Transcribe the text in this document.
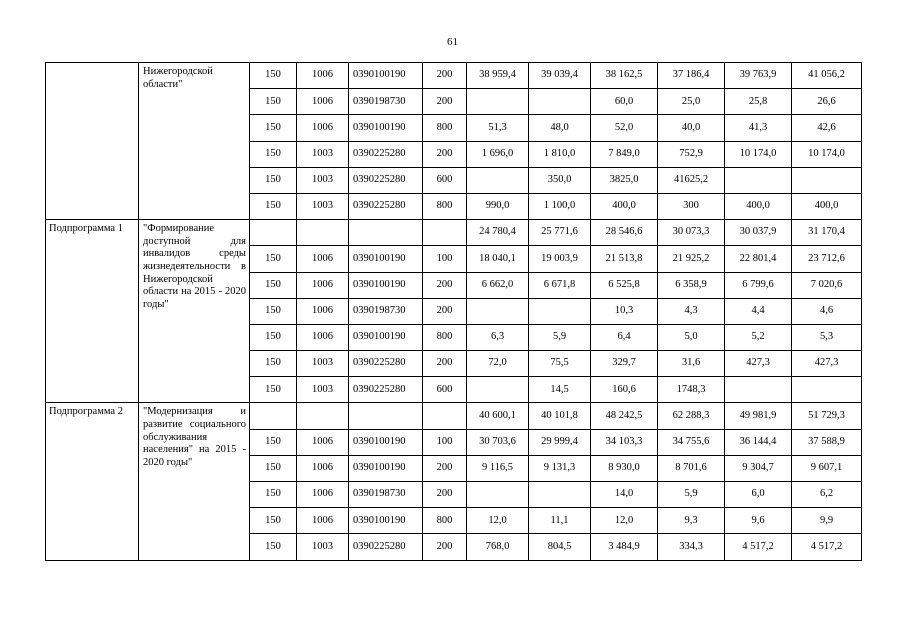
61
	Нижегородской области"	150	1006	0390100190	200	38 959,4	39 039,4	38 162,5	37 186,4	39 763,9	41 056,2
		150	1006	0390198730	200			60,0	25,0	25,8	26,6
		150	1006	0390100190	800	51,3	48,0	52,0	40,0	41,3	42,6
		150	1003	0390225280	200	1 696,0	1 810,0	7 849,0	752,9	10 174,0	10 174,0
		150	1003	0390225280	600		350,0	3825,0	41625,2		
		150	1003	0390225280	800	990,0	1 100,0	400,0	300	400,0	400,0
Подпрограмма 1	"Формирование доступной для инвалидов среды жизнедеятельности в Нижегородской области на 2015 - 2020 годы"					24 780,4	25 771,6	28 546,6	30 073,3	30 037,9	31 170,4
		150	1006	0390100190	100	18 040,1	19 003,9	21 513,8	21 925,2	22 801,4	23 712,6
		150	1006	0390100190	200	6 662,0	6 671,8	6 525,8	6 358,9	6 799,6	7 020,6
		150	1006	0390198730	200			10,3	4,3	4,4	4,6
		150	1006	0390100190	800	6,3	5,9	6,4	5,0	5,2	5,3
		150	1003	0390225280	200	72,0	75,5	329,7	31,6	427,3	427,3
		150	1003	0390225280	600		14,5	160,6	1748,3		
Подпрограмма 2	"Модернизация и развитие социального обслуживания населения" на 2015 - 2020 годы"					40 600,1	40 101,8	48 242,5	62 288,3	49 981,9	51 729,3
		150	1006	0390100190	100	30 703,6	29 999,4	34 103,3	34 755,6	36 144,4	37 588,9
		150	1006	0390100190	200	9 116,5	9 131,3	8 930,0	8 701,6	9 304,7	9 607,1
		150	1006	0390198730	200			14,0	5,9	6,0	6,2
		150	1006	0390100190	800	12,0	11,1	12,0	9,3	9,6	9,9
		150	1003	0390225280	200	768,0	804,5	3 484,9	334,3	4 517,2	4 517,2
